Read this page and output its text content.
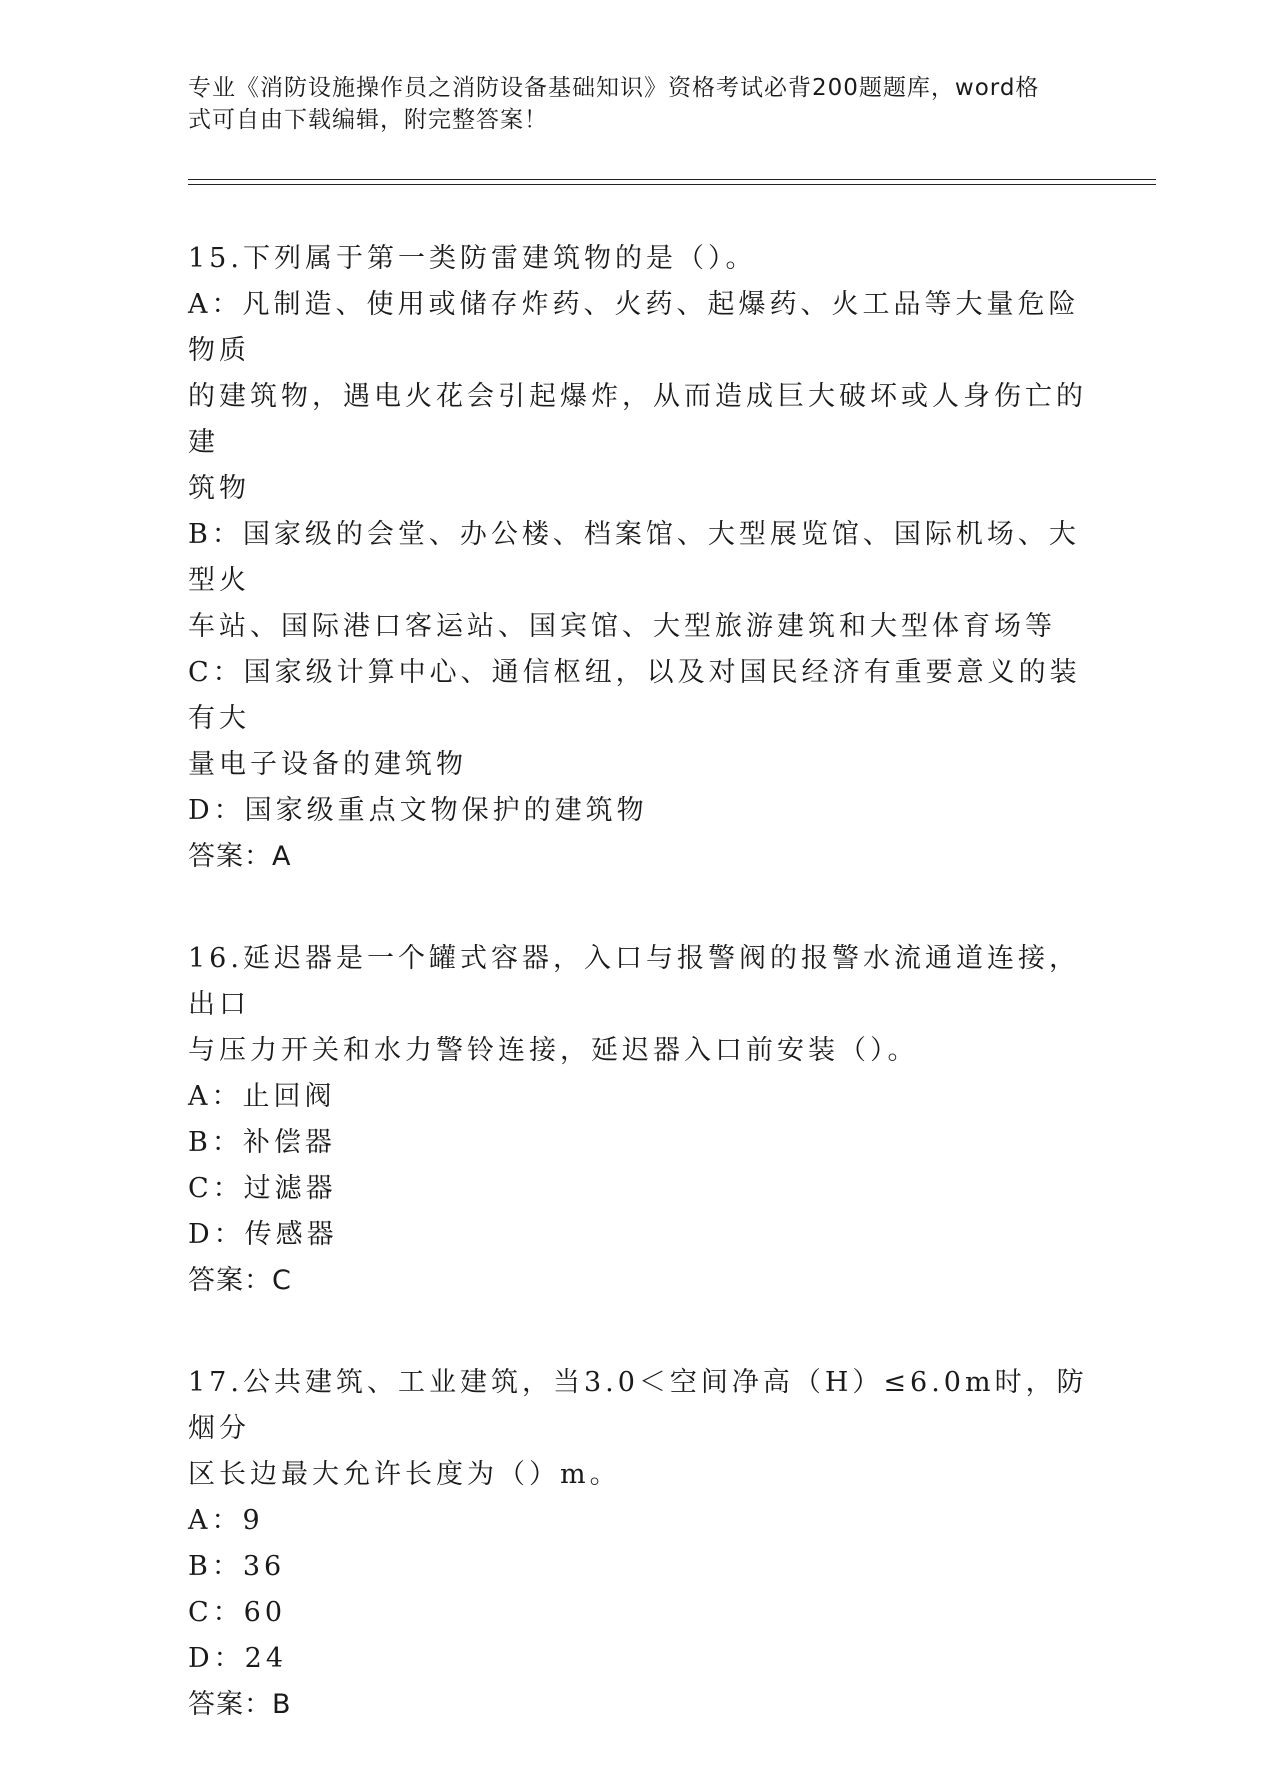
专业《消防设施操作员之消防设备基础知识》资格考试必背200题题库，word格
式可自由下载编辑，附完整答案！
15.下列属于第一类防雷建筑物的是（）。
A：凡制造、使用或储存炸药、火药、起爆药、火工品等大量危险物质
的建筑物，遇电火花会引起爆炸，从而造成巨大破坏或人身伤亡的建
筑物
B：国家级的会堂、办公楼、档案馆、大型展览馆、国际机场、大型火
车站、国际港口客运站、国宾馆、大型旅游建筑和大型体育场等
C：国家级计算中心、通信枢纽，以及对国民经济有重要意义的装有大
量电子设备的建筑物
D：国家级重点文物保护的建筑物
答案：A
16.延迟器是一个罐式容器，入口与报警阀的报警水流通道连接，出口
与压力开关和水力警铃连接，延迟器入口前安装（）。
A：止回阀
B：补偿器
C：过滤器
D：传感器
答案：C
17.公共建筑、工业建筑，当3.0＜空间净高（H）≤6.0m时，防烟分
区长边最大允许长度为（）m。
A：9
B：36
C：60
D：24
答案：B
